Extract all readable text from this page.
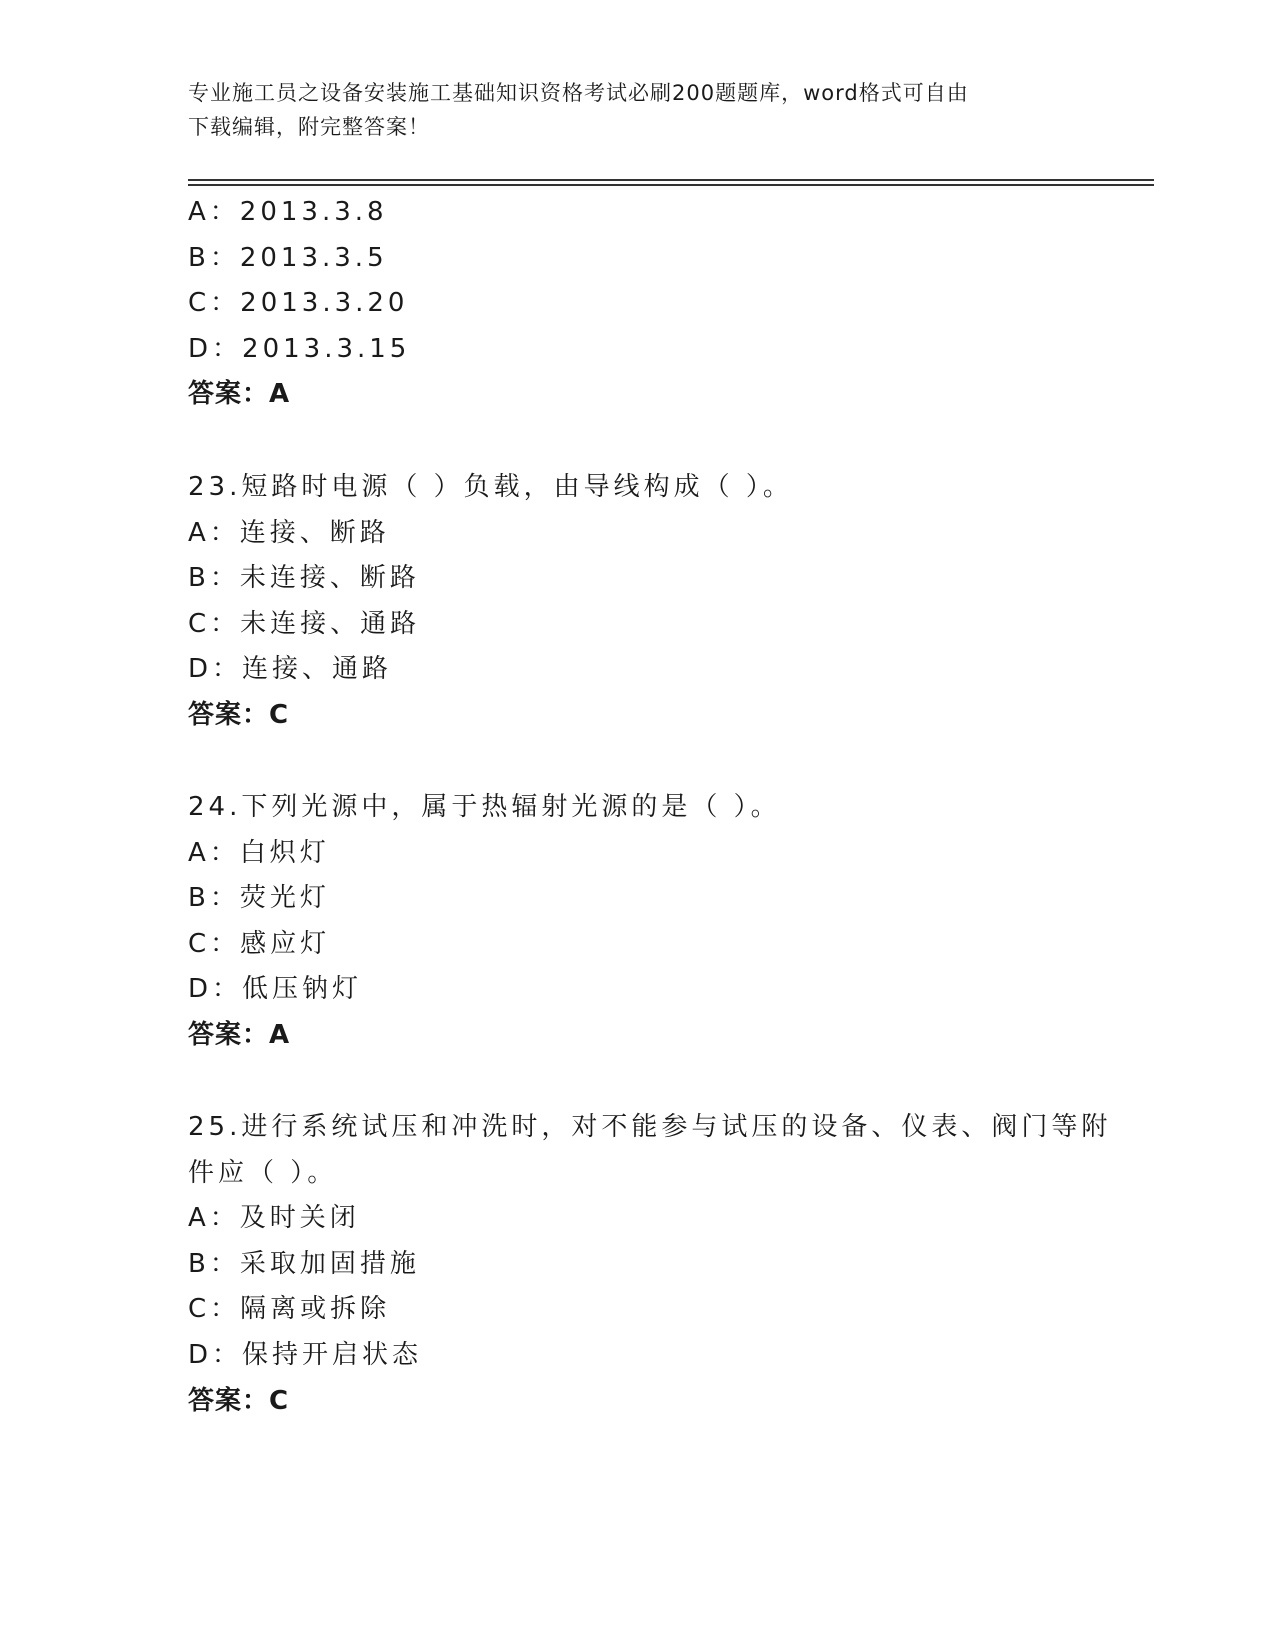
专业施工员之设备安装施工基础知识资格考试必刷200题题库，word格式可自由
下载编辑，附完整答案！
A：2013.3.8
B：2013.3.5
C：2013.3.20
D：2013.3.15
答案：A
23.短路时电源（ ）负载，由导线构成（ ）。
A：连接、断路
B：未连接、断路
C：未连接、通路
D：连接、通路
答案：C
24.下列光源中，属于热辐射光源的是（ ）。
A：白炽灯
B：荧光灯
C：感应灯
D：低压钠灯
答案：A
25.进行系统试压和冲洗时，对不能参与试压的设备、仪表、阀门等附
件应（ ）。
A：及时关闭
B：采取加固措施
C：隔离或拆除
D：保持开启状态
答案：C
